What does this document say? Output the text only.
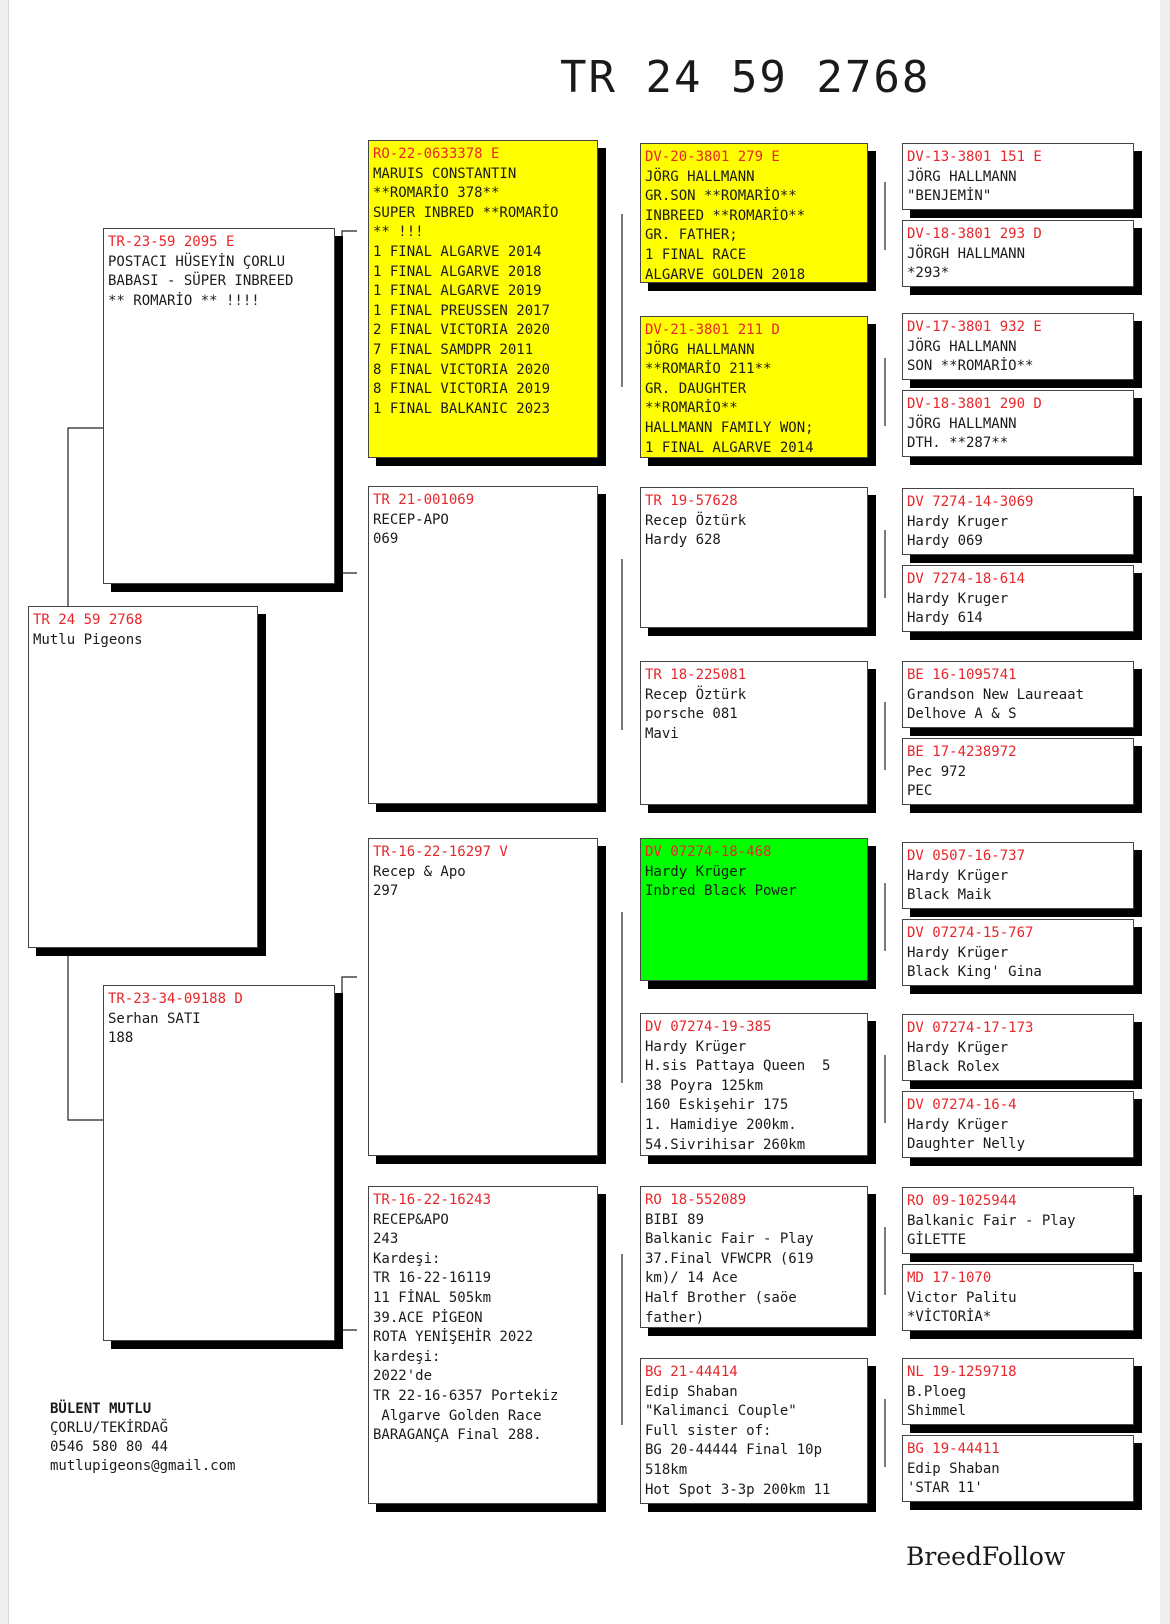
TR 24 59 2768
TR 24 59 2768
Mutlu Pigeons
TR-23-59 2095 E
POSTACI HÜSEYİN ÇORLU
BABASI - SÜPER INBREED
** ROMARİO ** !!!!
TR-23-34-09188 D
Serhan SATI
188
RO-22-0633378 E
MARUIS CONSTANTIN
**ROMARİO 378**
SUPER INBRED **ROMARİO
** !!!
1 FINAL ALGARVE 2014
1 FINAL ALGARVE 2018
1 FINAL ALGARVE 2019
1 FINAL PREUSSEN 2017
2 FINAL VICTORIA 2020
7 FINAL SAMDPR 2011
8 FINAL VICTORIA 2020
8 FINAL VICTORIA 2019
1 FINAL BALKANIC 2023
TR 21-001069
RECEP-APO
069
TR-16-22-16297 V
Recep & Apo
297
TR-16-22-16243
RECEP&APO
243
Kardeşi:
TR 16-22-16119
11 FİNAL 505km
39.ACE PİGEON
ROTA YENİŞEHİR 2022
kardeşi:
2022'de
TR 22-16-6357 Portekiz
Algarve Golden Race
BARAGANÇA Final 288.
DV-20-3801 279 E
JÖRG HALLMANN
GR.SON **ROMARİO**
INBREED **ROMARİO**
GR. FATHER;
1 FINAL RACE
ALGARVE GOLDEN 2018
DV-21-3801 211 D
JÖRG HALLMANN
**ROMARİO 211**
GR. DAUGHTER
**ROMARİO**
HALLMANN FAMILY WON;
1 FINAL ALGARVE 2014
TR 19-57628
Recep Öztürk
Hardy 628
TR 18-225081
Recep Öztürk
porsche 081
Mavi
DV 07274-18-468
Hardy Krüger
Inbred Black Power
DV 07274-19-385
Hardy Krüger
H.sis Pattaya Queen  5
38 Poyra 125km
160 Eskişehir 175
1. Hamidiye 200km.
54.Sivrihisar 260km
RO 18-552089
BIBI 89
Balkanic Fair - Play
37.Final VFWCPR (619
km)/ 14 Ace
Half Brother (saöe
father)
BG 21-44414
Edip Shaban
"Kalimanci Couple"
Full sister of:
BG 20-44444 Final 10p
518km
Hot Spot 3-3p 200km 11
DV-13-3801 151 E
JÖRG HALLMANN
"BENJEMİN"
DV-18-3801 293 D
JÖRGH HALLMANN
*293*
DV-17-3801 932 E
JÖRG HALLMANN
SON **ROMARİO**
DV-18-3801 290 D
JÖRG HALLMANN
DTH. **287**
DV 7274-14-3069
Hardy Kruger
Hardy 069
DV 7274-18-614
Hardy Kruger
Hardy 614
BE 16-1095741
Grandson New Laureaat
Delhove A & S
BE 17-4238972
Pec 972
PEC
DV 0507-16-737
Hardy Krüger
Black Maik
DV 07274-15-767
Hardy Krüger
Black King' Gina
DV 07274-17-173
Hardy Krüger
Black Rolex
DV 07274-16-4
Hardy Krüger
Daughter Nelly
RO 09-1025944
Balkanic Fair - Play
GİLETTE
MD 17-1070
Victor Palitu
*VİCTORİA*
NL 19-1259718
B.Ploeg
Shimmel
BG 19-44411
Edip Shaban
'STAR 11'
BÜLENT MUTLU
ÇORLU/TEKİRDAĞ
0546 580 80 44
mutlupigeons@gmail.com
BreedFollow
